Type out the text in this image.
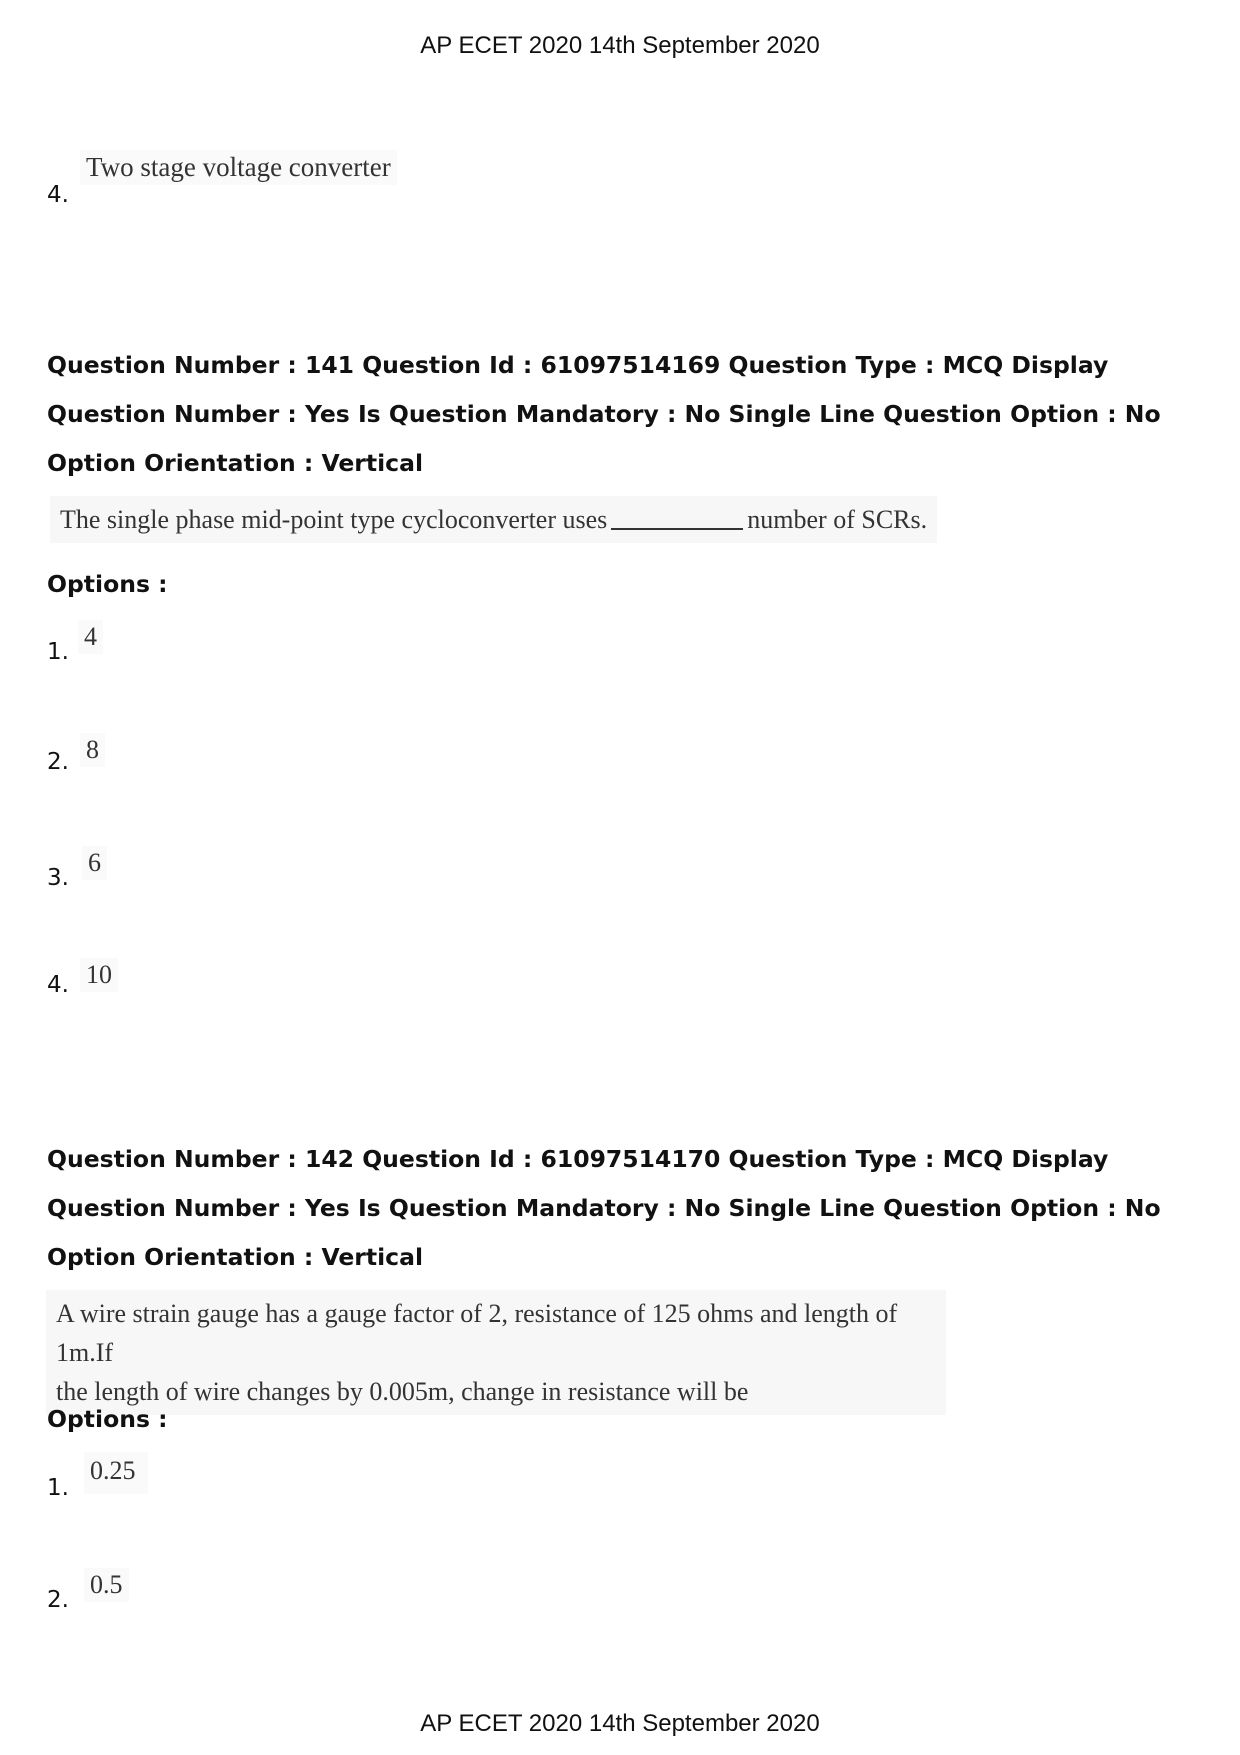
AP ECET 2020 14th September 2020
4.
Two stage voltage converter
Question Number : 141 Question Id : 61097514169 Question Type : MCQ Display Question Number : Yes Is Question Mandatory : No Single Line Question Option : No Option Orientation : Vertical
The single phase mid-point type cycloconverter uses	number of SCRs.
Options :
1.
4
2. 8
3.
6
4. 10
Question Number : 142 Question Id : 61097514170 Question Type : MCQ Display Question Number : Yes Is Question Mandatory : No Single Line Question Option : No Option Orientation : Vertical
A wire strain gauge has a gauge factor of 2, resistance of 125 ohms and length of 1m.If
the length of wire changes by 0.005m, change in resistance will be
Options :
1.
0.25
2.
0.5
AP ECET 2020 14th September 2020
